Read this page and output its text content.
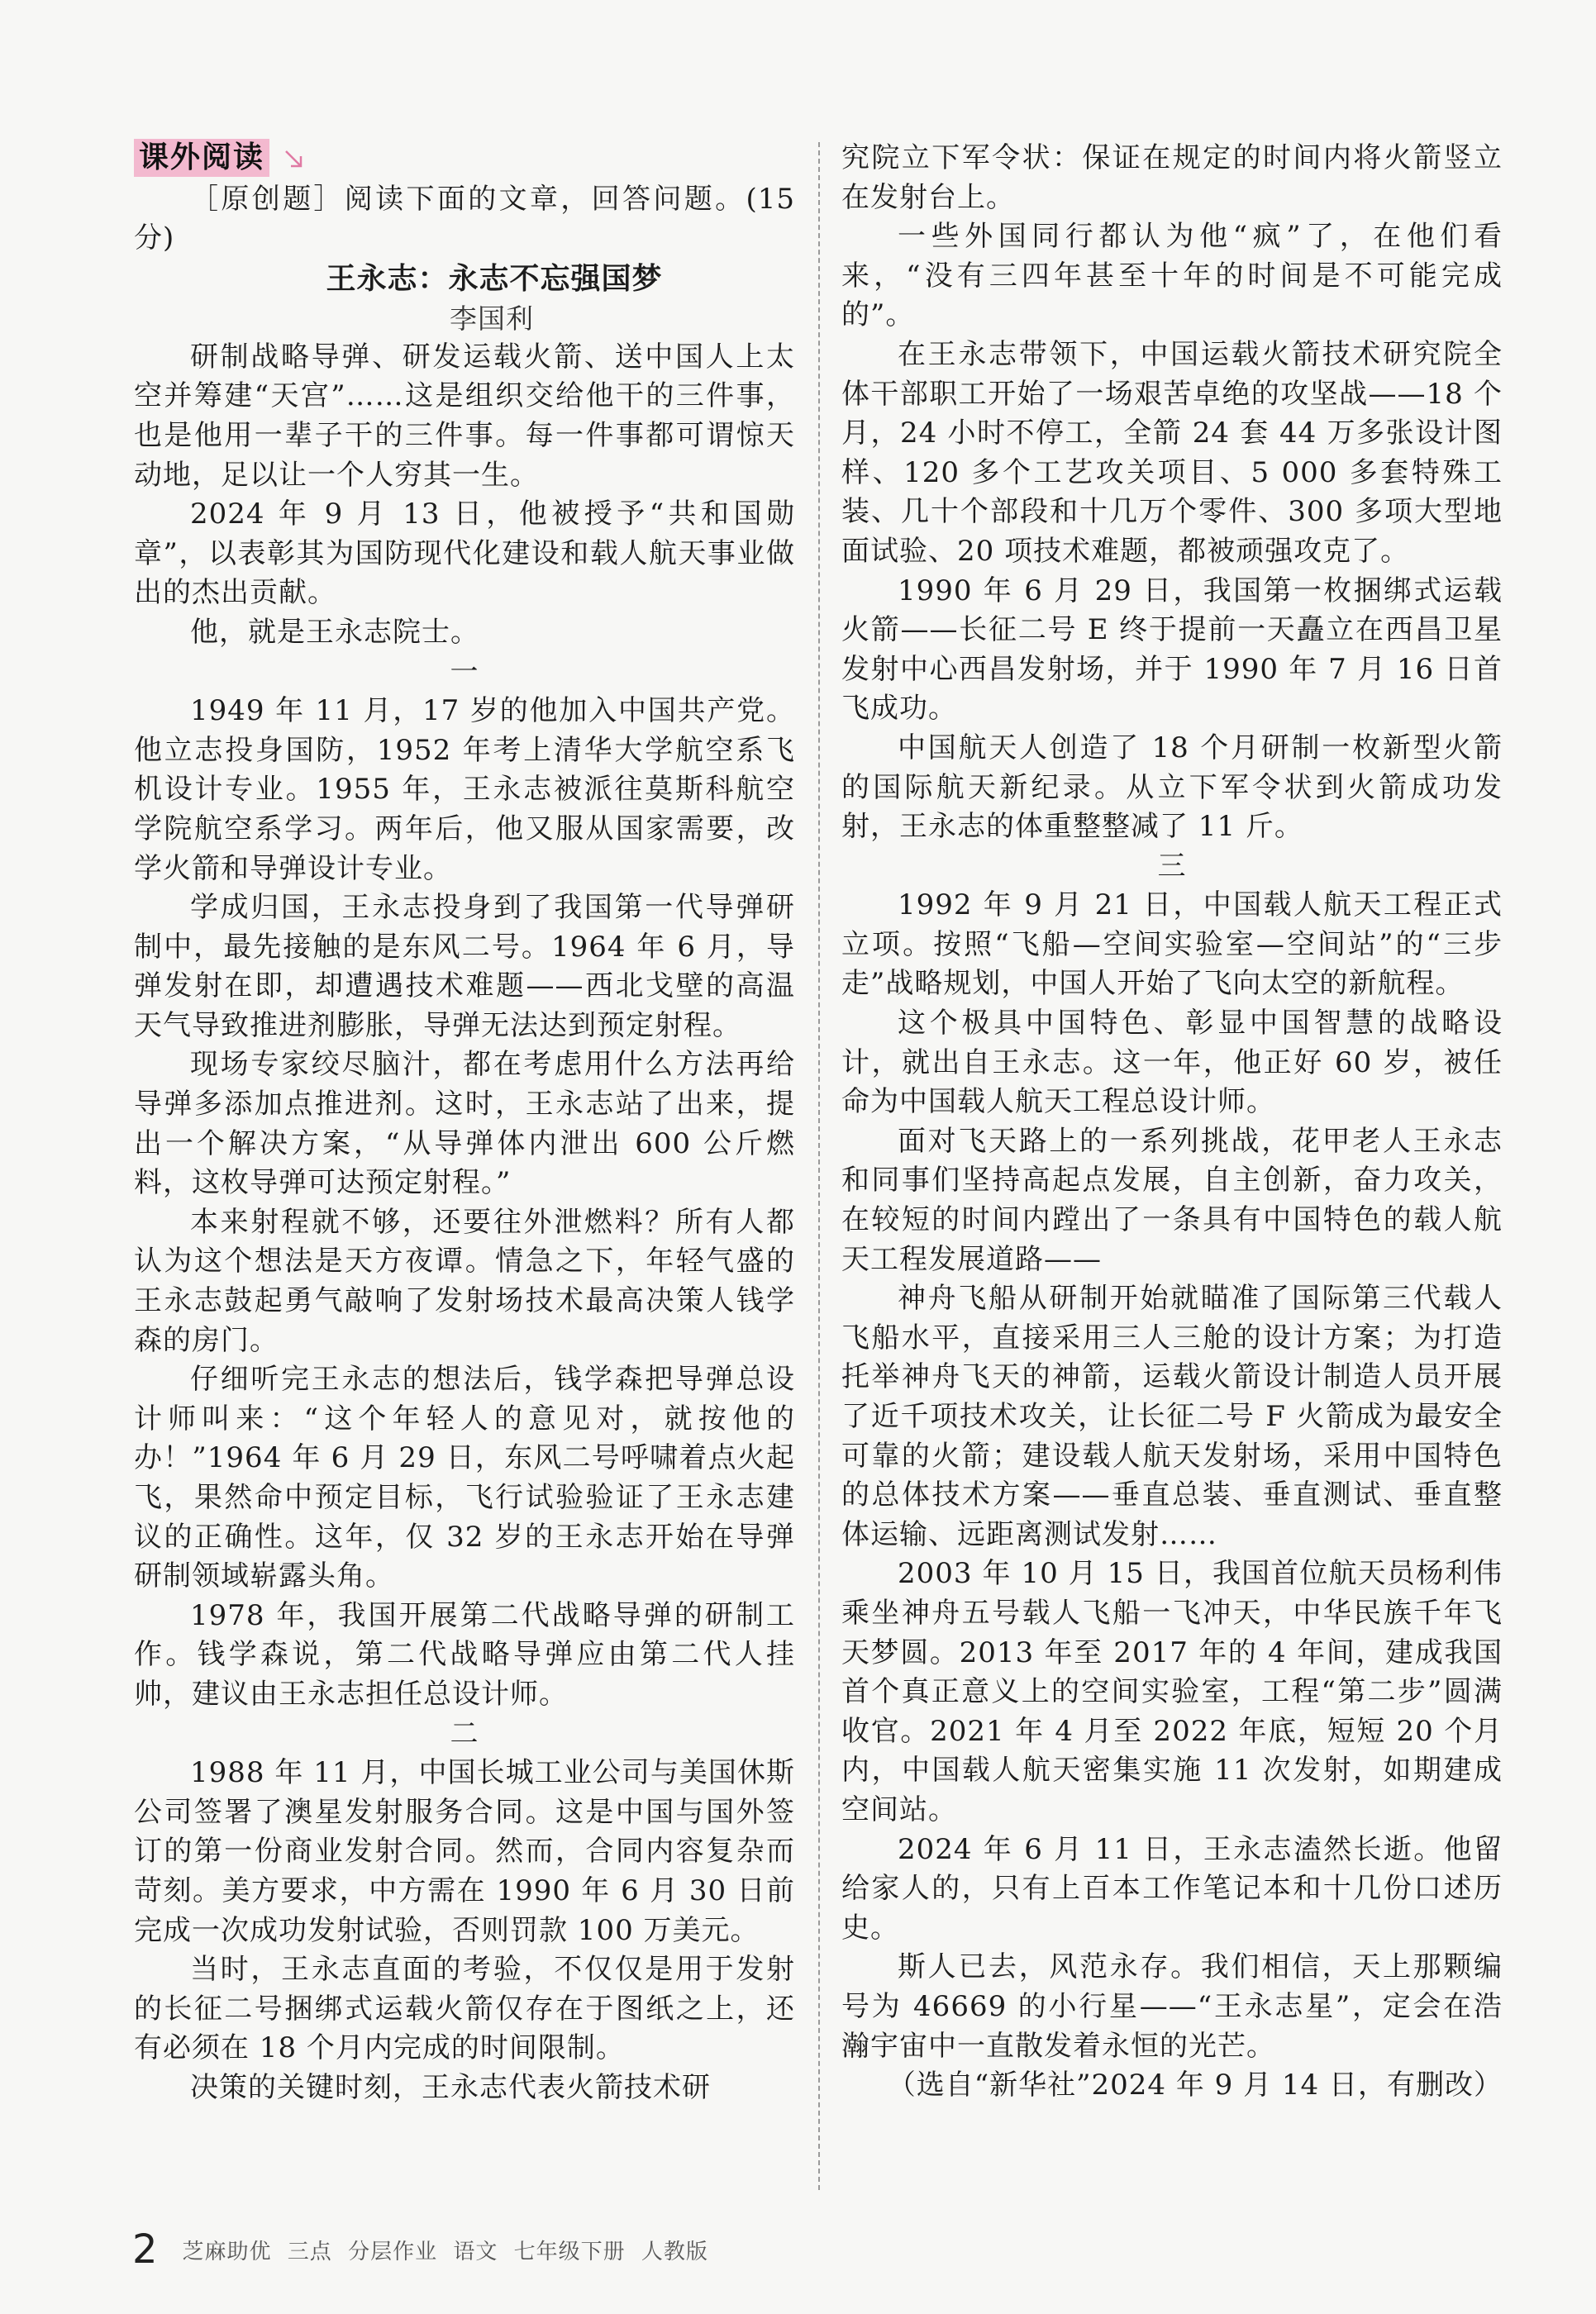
课外阅读

［原创题］阅读下面的文章，回答问题。(15 分)

王永志：永志不忘强国梦

李国利

研制战略导弹、研发运载火箭、送中国人上太空并筹建“天宫”……这是组织交给他干的三件事，也是他用一辈子干的三件事。每一件事都可谓惊天动地，足以让一个人穷其一生。

2024 年 9 月 13 日，他被授予“共和国勋章”，以表彰其为国防现代化建设和载人航天事业做出的杰出贡献。

他，就是王永志院士。

一

1949 年 11 月，17 岁的他加入中国共产党。他立志投身国防，1952 年考上清华大学航空系飞机设计专业。1955 年，王永志被派往莫斯科航空学院航空系学习。两年后，他又服从国家需要，改学火箭和导弹设计专业。

学成归国，王永志投身到了我国第一代导弹研制中，最先接触的是东风二号。1964 年 6 月，导弹发射在即，却遭遇技术难题——西北戈壁的高温天气导致推进剂膨胀，导弹无法达到预定射程。

现场专家绞尽脑汁，都在考虑用什么方法再给导弹多添加点推进剂。这时，王永志站了出来，提出一个解决方案，“从导弹体内泄出 600 公斤燃料，这枚导弹可达预定射程。”

本来射程就不够，还要往外泄燃料？所有人都认为这个想法是天方夜谭。情急之下，年轻气盛的王永志鼓起勇气敲响了发射场技术最高决策人钱学森的房门。

仔细听完王永志的想法后，钱学森把导弹总设计师叫来：“这个年轻人的意见对，就按他的办！”1964 年 6 月 29 日，东风二号呼啸着点火起飞，果然命中预定目标，飞行试验验证了王永志建议的正确性。这年，仅 32 岁的王永志开始在导弹研制领域崭露头角。

1978 年，我国开展第二代战略导弹的研制工作。钱学森说，第二代战略导弹应由第二代人挂帅，建议由王永志担任总设计师。

二

1988 年 11 月，中国长城工业公司与美国休斯公司签署了澳星发射服务合同。这是中国与国外签订的第一份商业发射合同。然而，合同内容复杂而苛刻。美方要求，中方需在 1990 年 6 月 30 日前完成一次成功发射试验，否则罚款 100 万美元。

当时，王永志直面的考验，不仅仅是用于发射的长征二号捆绑式运载火箭仅存在于图纸之上，还有必须在 18 个月内完成的时间限制。

决策的关键时刻，王永志代表火箭技术研

究院立下军令状：保证在规定的时间内将火箭竖立在发射台上。

一些外国同行都认为他“疯”了，在他们看来，“没有三四年甚至十年的时间是不可能完成的”。

在王永志带领下，中国运载火箭技术研究院全体干部职工开始了一场艰苦卓绝的攻坚战——18 个月，24 小时不停工，全箭 24 套 44 万多张设计图样、120 多个工艺攻关项目、5 000 多套特殊工装、几十个部段和十几万个零件、300 多项大型地面试验、20 项技术难题，都被顽强攻克了。

1990 年 6 月 29 日，我国第一枚捆绑式运载火箭——长征二号 E 终于提前一天矗立在西昌卫星发射中心西昌发射场，并于 1990 年 7 月 16 日首飞成功。

中国航天人创造了 18 个月研制一枚新型火箭的国际航天新纪录。从立下军令状到火箭成功发射，王永志的体重整整减了 11 斤。

三

1992 年 9 月 21 日，中国载人航天工程正式立项。按照“飞船—空间实验室—空间站”的“三步走”战略规划，中国人开始了飞向太空的新航程。

这个极具中国特色、彰显中国智慧的战略设计，就出自王永志。这一年，他正好 60 岁，被任命为中国载人航天工程总设计师。

面对飞天路上的一系列挑战，花甲老人王永志和同事们坚持高起点发展，自主创新，奋力攻关，在较短的时间内蹚出了一条具有中国特色的载人航天工程发展道路——

神舟飞船从研制开始就瞄准了国际第三代载人飞船水平，直接采用三人三舱的设计方案；为打造托举神舟飞天的神箭，运载火箭设计制造人员开展了近千项技术攻关，让长征二号 F 火箭成为最安全可靠的火箭；建设载人航天发射场，采用中国特色的总体技术方案——垂直总装、垂直测试、垂直整体运输、远距离测试发射……

2003 年 10 月 15 日，我国首位航天员杨利伟乘坐神舟五号载人飞船一飞冲天，中华民族千年飞天梦圆。2013 年至 2017 年的 4 年间，建成我国首个真正意义上的空间实验室，工程“第二步”圆满收官。2021 年 4 月至 2022 年底，短短 20 个月内，中国载人航天密集实施 11 次发射，如期建成空间站。

2024 年 6 月 11 日，王永志溘然长逝。他留给家人的，只有上百本工作笔记本和十几份口述历史。

斯人已去，风范永存。我们相信，天上那颗编号为 46669 的小行星——“王永志星”，定会在浩瀚宇宙中一直散发着永恒的光芒。

（选自“新华社”2024 年 9 月 14 日，有删改）

2 芝麻助优 三点 分层作业 语文 七年级下册 人教版
